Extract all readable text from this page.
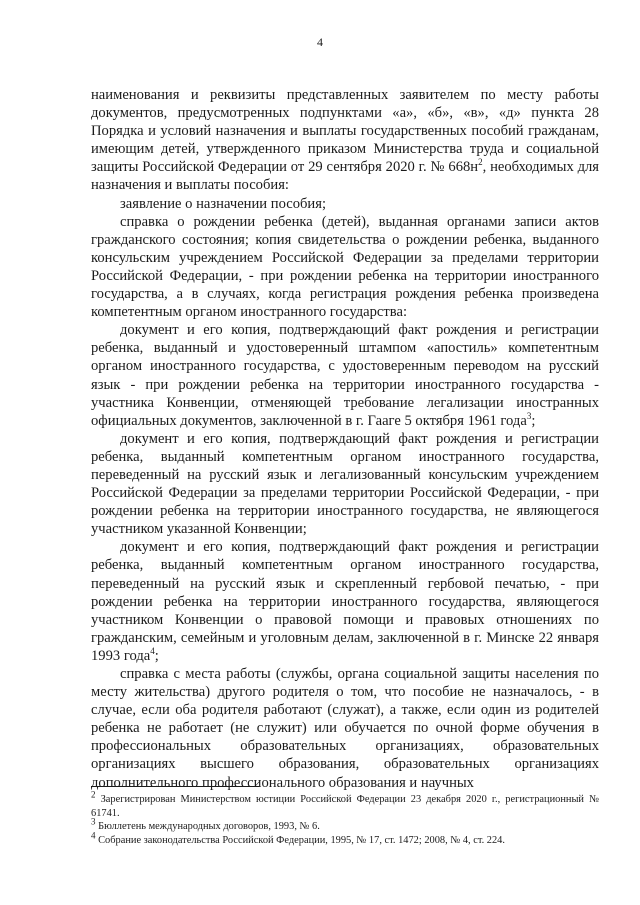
4

наименования и реквизиты представленных заявителем по месту работы документов, предусмотренных подпунктами «а», «б», «в», «д» пункта 28 Порядка и условий назначения и выплаты государственных пособий гражданам, имеющим детей, утвержденного приказом Министерства труда и социальной защиты Российской Федерации от 29 сентября 2020 г. № $668н^2$, необходимых для назначения и выплаты пособия:

заявление о назначении пособия;

справка о рождении ребенка (детей), выданная органами записи актов гражданского состояния; копия свидетельства о рождении ребенка, выданного консульским учреждением Российской Федерации за пределами территории Российской Федерации, - при рождении ребенка на территории иностранного государства, а в случаях, когда регистрация рождения ребенка произведена компетентным органом иностранного государства:

документ и его копия, подтверждающий факт рождения и регистрации ребенка, выданный и удостоверенный штампом «апостиль» компетентным органом иностранного государства, с удостоверенным переводом на русский язык - при рождении ребенка на территории иностранного государства - участника Конвенции, отменяющей требование легализации иностранных официальных документов, заключенной в г. Гааге 5 октября 1961 года$^3$;

документ и его копия, подтверждающий факт рождения и регистрации ребенка, выданный компетентным органом иностранного государства, переведенный на русский язык и легализованный консульским учреждением Российской Федерации за пределами территории Российской Федерации, - при рождении ребенка на территории иностранного государства, не являющегося участником указанной Конвенции;

документ и его копия, подтверждающий факт рождения и регистрации ребенка, выданный компетентным органом иностранного государства, переведенный на русский язык и скрепленный гербовой печатью, - при рождении ребенка на территории иностранного государства, являющегося участником Конвенции о правовой помощи и правовых отношениях по гражданским, семейным и уголовным делам, заключенной в г. Минске 22 января 1993 года$^4$;

справка с места работы (службы, органа социальной защиты населения по месту жительства) другого родителя о том, что пособие не назначалось, - в случае, если оба родителя работают (служат), а также, если один из родителей ребенка не работает (не служит) или обучается по очной форме обучения в профессиональных образовательных организациях, образовательных организациях высшего образования, образовательных организациях дополнительного профессионального образования и научных

$^2$ Зарегистрирован Министерством юстиции Российской Федерации 23 декабря 2020 г., регистрационный № 61741.

$^3$ Бюллетень международных договоров, 1993, № 6.

$^4$ Собрание законодательства Российской Федерации, 1995, № 17, ст. 1472; 2008, № 4, ст. 224.
